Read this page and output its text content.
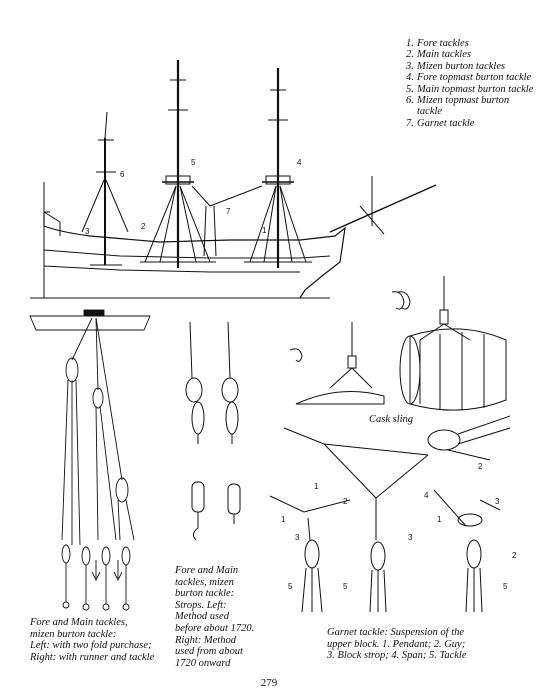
1. Fore tackles
2. Main tackles
3. Mizen burton tackles
4. Fore topmast burton tackle
5. Main topmast burton tackle
6. Mizen topmast burton tackle
7. Garnet tackle
1
2
3
4
5
6
7
1
2
1
2
3
4
3
1
2
3
5	5	5
Cask sling

Fore and Main tackles,
mizen burton tackle:
Left: with two fold purchase;
Right: with runner and tackle

Fore and Main
tackles, mizen
burton tackle:
Strops. Left:
Method used
before about 1720.
Right: Method
used from about
1720 onward

Garnet tackle: Suspension of the
upper block. 1. Pendant; 2. Guy;
3. Block strop; 4. Span; 5. Tackle

279
